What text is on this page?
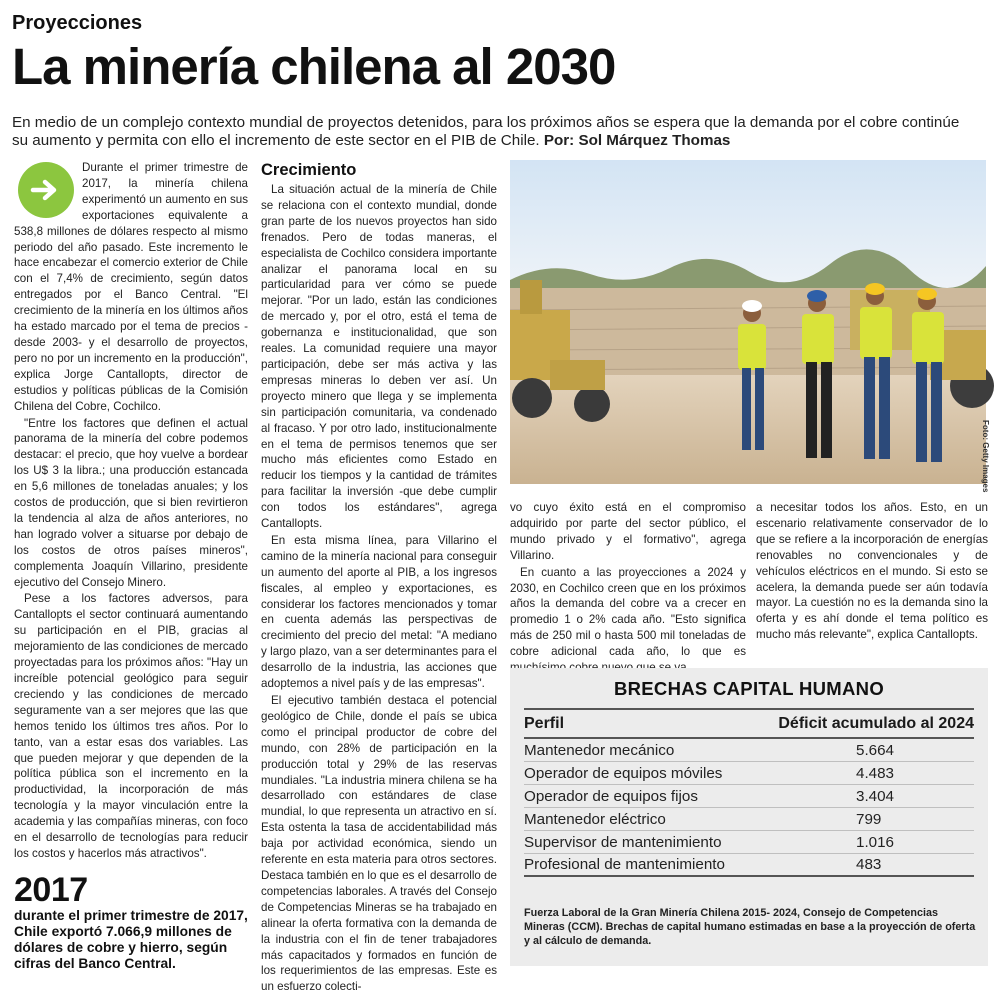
Proyecciones
La minería chilena al 2030
En medio de un complejo contexto mundial de proyectos detenidos, para los próximos años se espera que la demanda por el cobre continúe su aumento y permita con ello el incremento de este sector en el PIB de Chile. Por: Sol Márquez Thomas

Durante el primer trimestre de 2017, la minería chilena experimentó un aumento en sus exportaciones equivalente a 538,8 millones de dólares respecto al mismo periodo del año pasado. Este incremento le hace encabezar el comercio exterior de Chile con el 7,4% de crecimiento, según datos entregados por el Banco Central. "El crecimiento de la minería en los últimos años ha estado marcado por el tema de precios -desde 2003- y el desarrollo de proyectos, pero no por un incremento en la producción", explica Jorge Cantallopts, director de estudios y políticas públicas de la Comisión Chilena del Cobre, Cochilco.

"Entre los factores que definen el actual panorama de la minería del cobre podemos destacar: el precio, que hoy vuelve a bordear los U$ 3 la libra.; una producción estancada en 5,6 millones de toneladas anuales; y los costos de producción, que si bien revirtieron la tendencia al alza de años anteriores, no han logrado volver a situarse por debajo de los costos de otros países mineros", complementa Joaquín Villarino, presidente ejecutivo del Consejo Minero.

Pese a los factores adversos, para Cantallopts el sector continuará aumentando su participación en el PIB, gracias al mejoramiento de las condiciones de mercado proyectadas para los próximos años: "Hay un increíble potencial geológico para seguir creciendo y las condiciones de mercado seguramente van a ser mejores que las que hemos tenido los últimos tres años. Por lo tanto, van a estar esas dos variables. Las que pueden mejorar y que dependen de la política pública son el incremento en la productividad, la incorporación de más tecnología y la mayor vinculación entre la academia y las compañías mineras, con foco en el desarrollo de tecnologías para reducir los costos y hacerlos más atractivos".

2017
durante el primer trimestre de 2017, Chile exportó 7.066,9 millones de dólares de cobre y hierro, según cifras del Banco Central.
Crecimiento

La situación actual de la minería de Chile se relaciona con el contexto mundial, donde gran parte de los nuevos proyectos han sido frenados. Pero de todas maneras, el especialista de Cochilco considera importante analizar el panorama local en su particularidad para ver cómo se puede mejorar. "Por un lado, están las condiciones de mercado y, por el otro, está el tema de gobernanza e institucionalidad, que son reales. La comunidad requiere una mayor participación, debe ser más activa y las empresas mineras lo deben ver así. Un proyecto minero que llega y se implementa sin participación comunitaria, va condenado al fracaso. Y por otro lado, institucionalmente en el tema de permisos tenemos que ser mucho más eficientes como Estado en reducir los tiempos y la cantidad de trámites para facilitar la inversión -que debe cumplir con todos los estándares", agrega Cantallopts.

En esta misma línea, para Villarino el camino de la minería nacional para conseguir un aumento del aporte al PIB, a los ingresos fiscales, al empleo y exportaciones, es considerar los factores mencionados y tomar en cuenta además las perspectivas de crecimiento del precio del metal: "A mediano y largo plazo, van a ser determinantes para el desarrollo de la industria, las acciones que adoptemos a nivel país y de las empresas".

El ejecutivo también destaca el potencial geológico de Chile, donde el país se ubica como el principal productor de cobre del mundo, con 28% de participación en la producción total y 29% de las reservas mundiales. "La industria minera chilena se ha desarrollado con estándares de clase mundial, lo que representa un atractivo en sí. Esta ostenta la tasa de accidentabilidad más baja por actividad económica, siendo un referente en esta materia para otros sectores. Destaca también en lo que es el desarrollo de competencias laborales. A través del Consejo de Competencias Mineras se ha trabajado en alinear la oferta formativa con la demanda de la industria con el fin de tener trabajadores más capacitados y formados en función de los requerimientos de las empresas. Este es un esfuerzo colecti-

Foto: Getty Images

vo cuyo éxito está en el compromiso adquirido por parte del sector público, el mundo privado y el formativo", agrega Villarino.

En cuanto a las proyecciones a 2024 y 2030, en Cochilco creen que en los próximos años la demanda del cobre va a crecer en promedio 1 o 2% cada año. "Esto significa más de 250 mil o hasta 500 mil toneladas de cobre adicional cada año, lo que es

a necesitar todos los años. Esto, en un escenario relativamente conservador de lo que se refiere a la incorporación de energías renovables no convencionales y de vehículos eléctricos en el mundo. Si esto se acelera, la demanda puede ser aún todavía mayor. La cuestión no es la demanda sino la oferta y es ahí donde el tema político es mucho más relevante", explica Cantallopts.

BRECHAS CAPITAL HUMANO
Perfil	Déficit acumulado al 2024
Mantenedor mecánico	5.664
Operador de equipos móviles	4.483
Operador de equipos fijos	3.404
Mantenedor eléctrico	799
Supervisor de mantenimiento	1.016
Profesional de mantenimiento	483
Fuerza Laboral de la Gran Minería Chilena 2015- 2024, Consejo de Competencias Mineras (CCM). Brechas de capital humano estimadas en base a la proyección de oferta y al cálculo de demanda.
